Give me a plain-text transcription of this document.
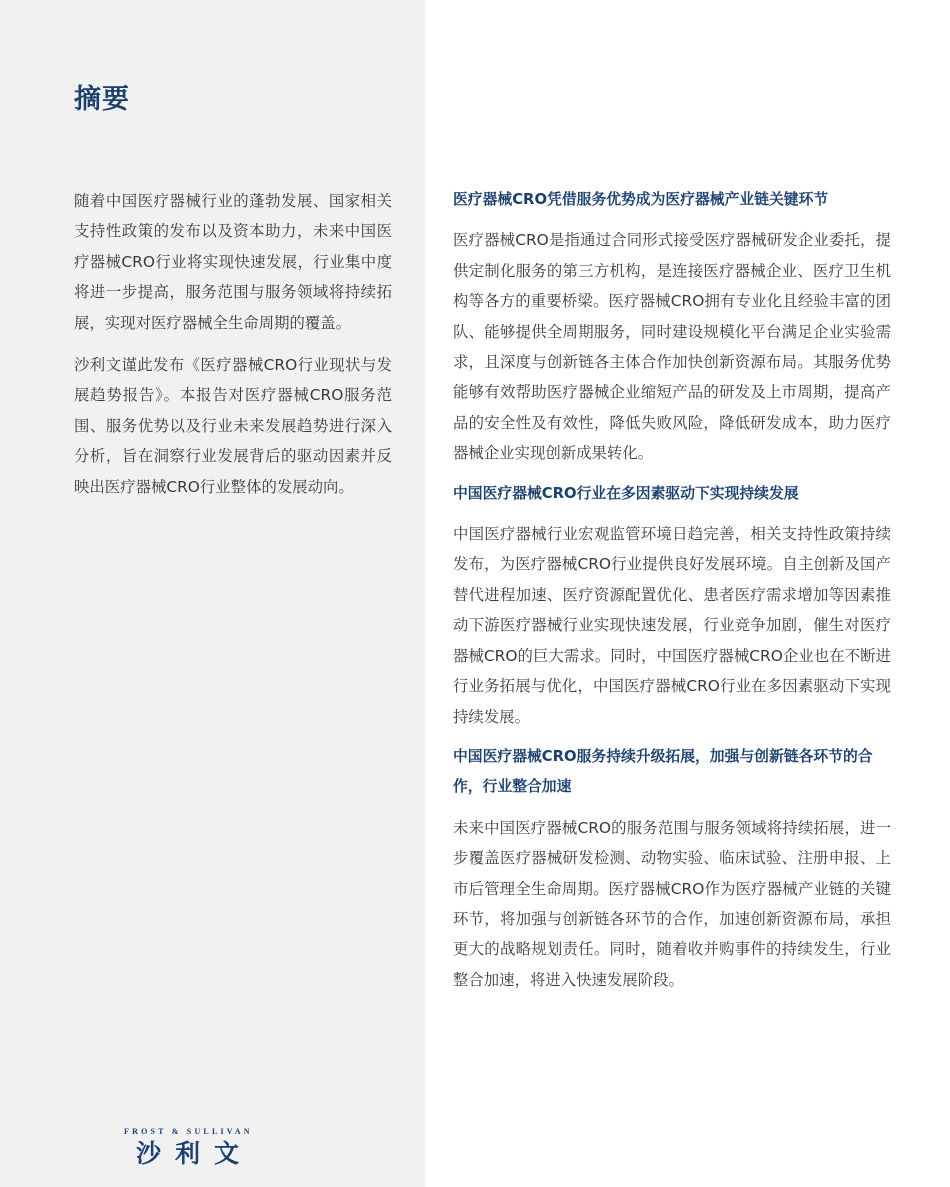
摘要

随着中国医疗器械行业的蓬勃发展、国家相关支持性政策的发布以及资本助力，未来中国医疗器械CRO行业将实现快速发展，行业集中度将进一步提高，服务范围与服务领域将持续拓展，实现对医疗器械全生命周期的覆盖。

沙利文谨此发布《医疗器械CRO行业现状与发展趋势报告》。本报告对医疗器械CRO服务范围、服务优势以及行业未来发展趋势进行深入分析，旨在洞察行业发展背后的驱动因素并反映出医疗器械CRO行业整体的发展动向。

FROST & SULLIVAN
沙利文
医疗器械CRO凭借服务优势成为医疗器械产业链关键环节

医疗器械CRO是指通过合同形式接受医疗器械研发企业委托，提供定制化服务的第三方机构，是连接医疗器械企业、医疗卫生机构等各方的重要桥梁。医疗器械CRO拥有专业化且经验丰富的团队、能够提供全周期服务，同时建设规模化平台满足企业实验需求，且深度与创新链各主体合作加快创新资源布局。其服务优势能够有效帮助医疗器械企业缩短产品的研发及上市周期，提高产品的安全性及有效性，降低失败风险，降低研发成本，助力医疗器械企业实现创新成果转化。

中国医疗器械CRO行业在多因素驱动下实现持续发展

中国医疗器械行业宏观监管环境日趋完善，相关支持性政策持续发布，为医疗器械CRO行业提供良好发展环境。自主创新及国产替代进程加速、医疗资源配置优化、患者医疗需求增加等因素推动下游医疗器械行业实现快速发展，行业竞争加剧，催生对医疗器械CRO的巨大需求。同时，中国医疗器械CRO企业也在不断进行业务拓展与优化，中国医疗器械CRO行业在多因素驱动下实现持续发展。

中国医疗器械CRO服务持续升级拓展，加强与创新链各环节的合作，行业整合加速

未来中国医疗器械CRO的服务范围与服务领域将持续拓展，进一步覆盖医疗器械研发检测、动物实验、临床试验、注册申报、上市后管理全生命周期。医疗器械CRO作为医疗器械产业链的关键环节，将加强与创新链各环节的合作，加速创新资源布局，承担更大的战略规划责任。同时，随着收并购事件的持续发生，行业整合加速，将进入快速发展阶段。
